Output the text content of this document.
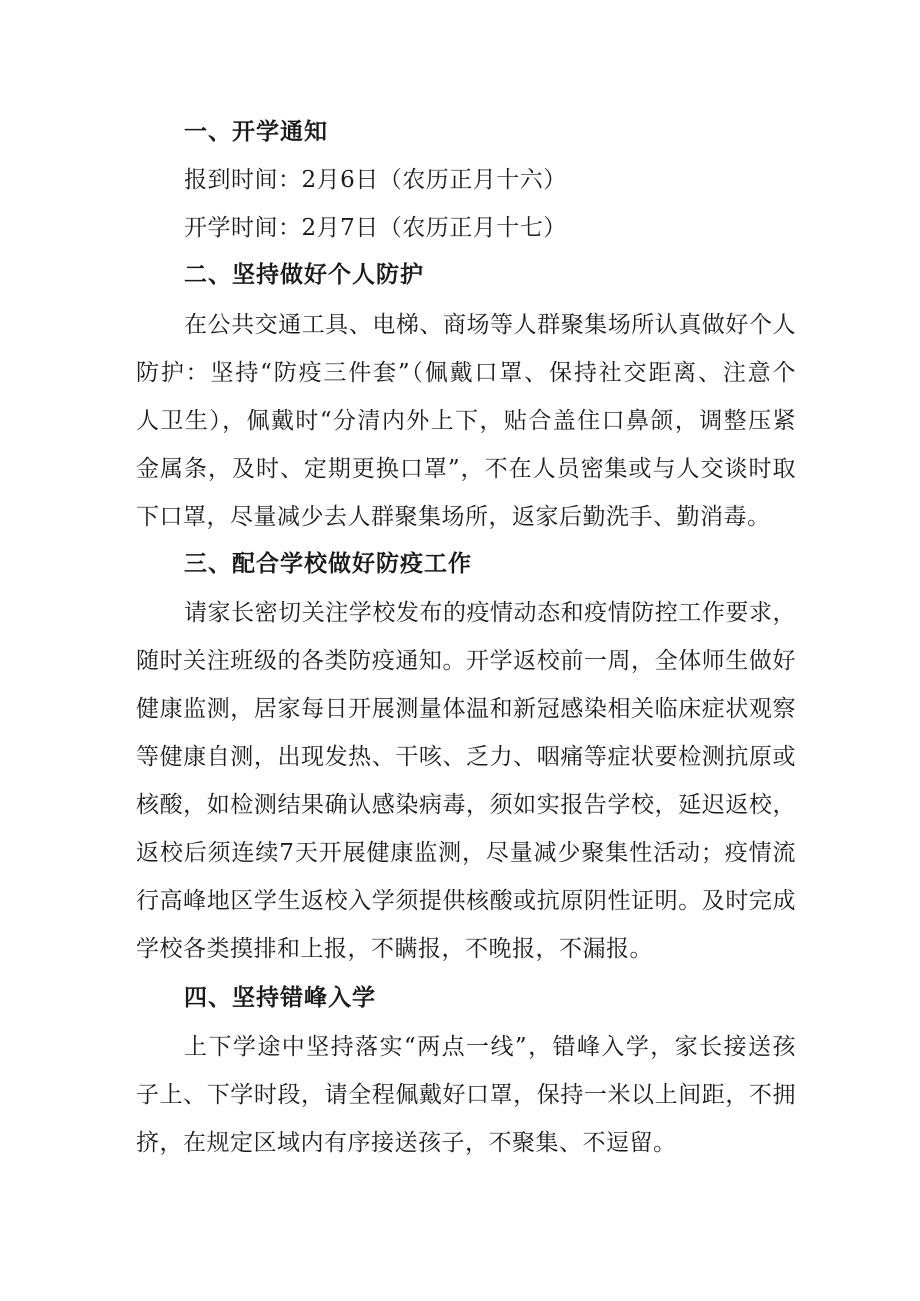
一、开学通知
报到时间：2月6日（农历正月十六）
开学时间：2月7日（农历正月十七）
二、坚持做好个人防护
在公共交通工具、电梯、商场等人群聚集场所认真做好个人
防护：坚持“防疫三件套”（佩戴口罩、保持社交距离、注意个
人卫生），佩戴时“分清内外上下，贴合盖住口鼻颌，调整压紧
金属条，及时、定期更换口罩”，不在人员密集或与人交谈时取
下口罩，尽量减少去人群聚集场所，返家后勤洗手、勤消毒。
三、配合学校做好防疫工作
请家长密切关注学校发布的疫情动态和疫情防控工作要求，
随时关注班级的各类防疫通知。开学返校前一周，全体师生做好
健康监测，居家每日开展测量体温和新冠感染相关临床症状观察
等健康自测，出现发热、干咳、乏力、咽痛等症状要检测抗原或
核酸，如检测结果确认感染病毒，须如实报告学校，延迟返校，
返校后须连续7天开展健康监测，尽量减少聚集性活动；疫情流
行高峰地区学生返校入学须提供核酸或抗原阴性证明。及时完成
学校各类摸排和上报，不瞒报，不晚报，不漏报。
四、坚持错峰入学
上下学途中坚持落实“两点一线”，错峰入学，家长接送孩
子上、下学时段，请全程佩戴好口罩，保持一米以上间距，不拥
挤，在规定区域内有序接送孩子，不聚集、不逗留。
